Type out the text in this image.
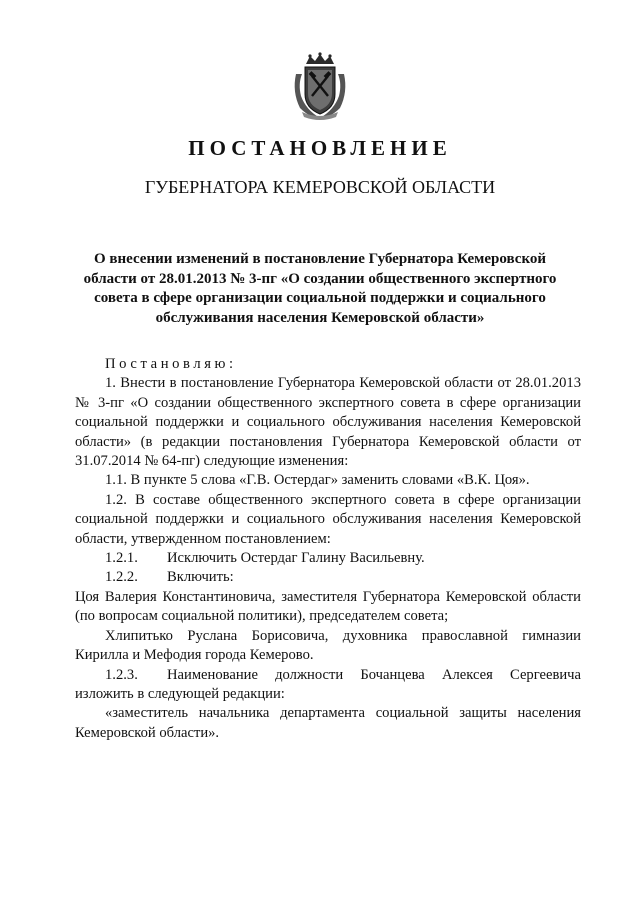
ПОСТАНОВЛЕНИЕ
ГУБЕРНАТОРА КЕМЕРОВСКОЙ ОБЛАСТИ
О внесении изменений в постановление Губернатора Кемеровской
области от 28.01.2013 № 3-пг «О создании общественного экспертного
совета в сфере организации социальной поддержки и социального
обслуживания населения Кемеровской области»

Постановляю:

1. Внести в постановление Губернатора Кемеровской области от 28.01.2013 № 3-пг «О создании общественного экспертного совета в сфере организации социальной поддержки и социального обслуживания населения Кемеровской области» (в редакции постановления Губернатора Кемеровской области от 31.07.2014 № 64-пг) следующие изменения:

1.1. В пункте 5 слова «Г.В. Остердаг» заменить словами «В.К. Цоя».

1.2. В составе общественного экспертного совета в сфере организации социальной поддержки и социального обслуживания населения Кемеровской области, утвержденном постановлением:

1.2.1. Исключить Остердаг Галину Васильевну.

1.2.2. Включить:

Цоя Валерия Константиновича, заместителя Губернатора Кемеровской области (по вопросам социальной политики), председателем совета;

Хлипитько Руслана Борисовича, духовника православной гимназии Кирилла и Мефодия города Кемерово.

1.2.3. Наименование должности Бочанцева Алексея Сергеевича изложить в следующей редакции:

«заместитель начальника департамента социальной защиты населения Кемеровской области».
